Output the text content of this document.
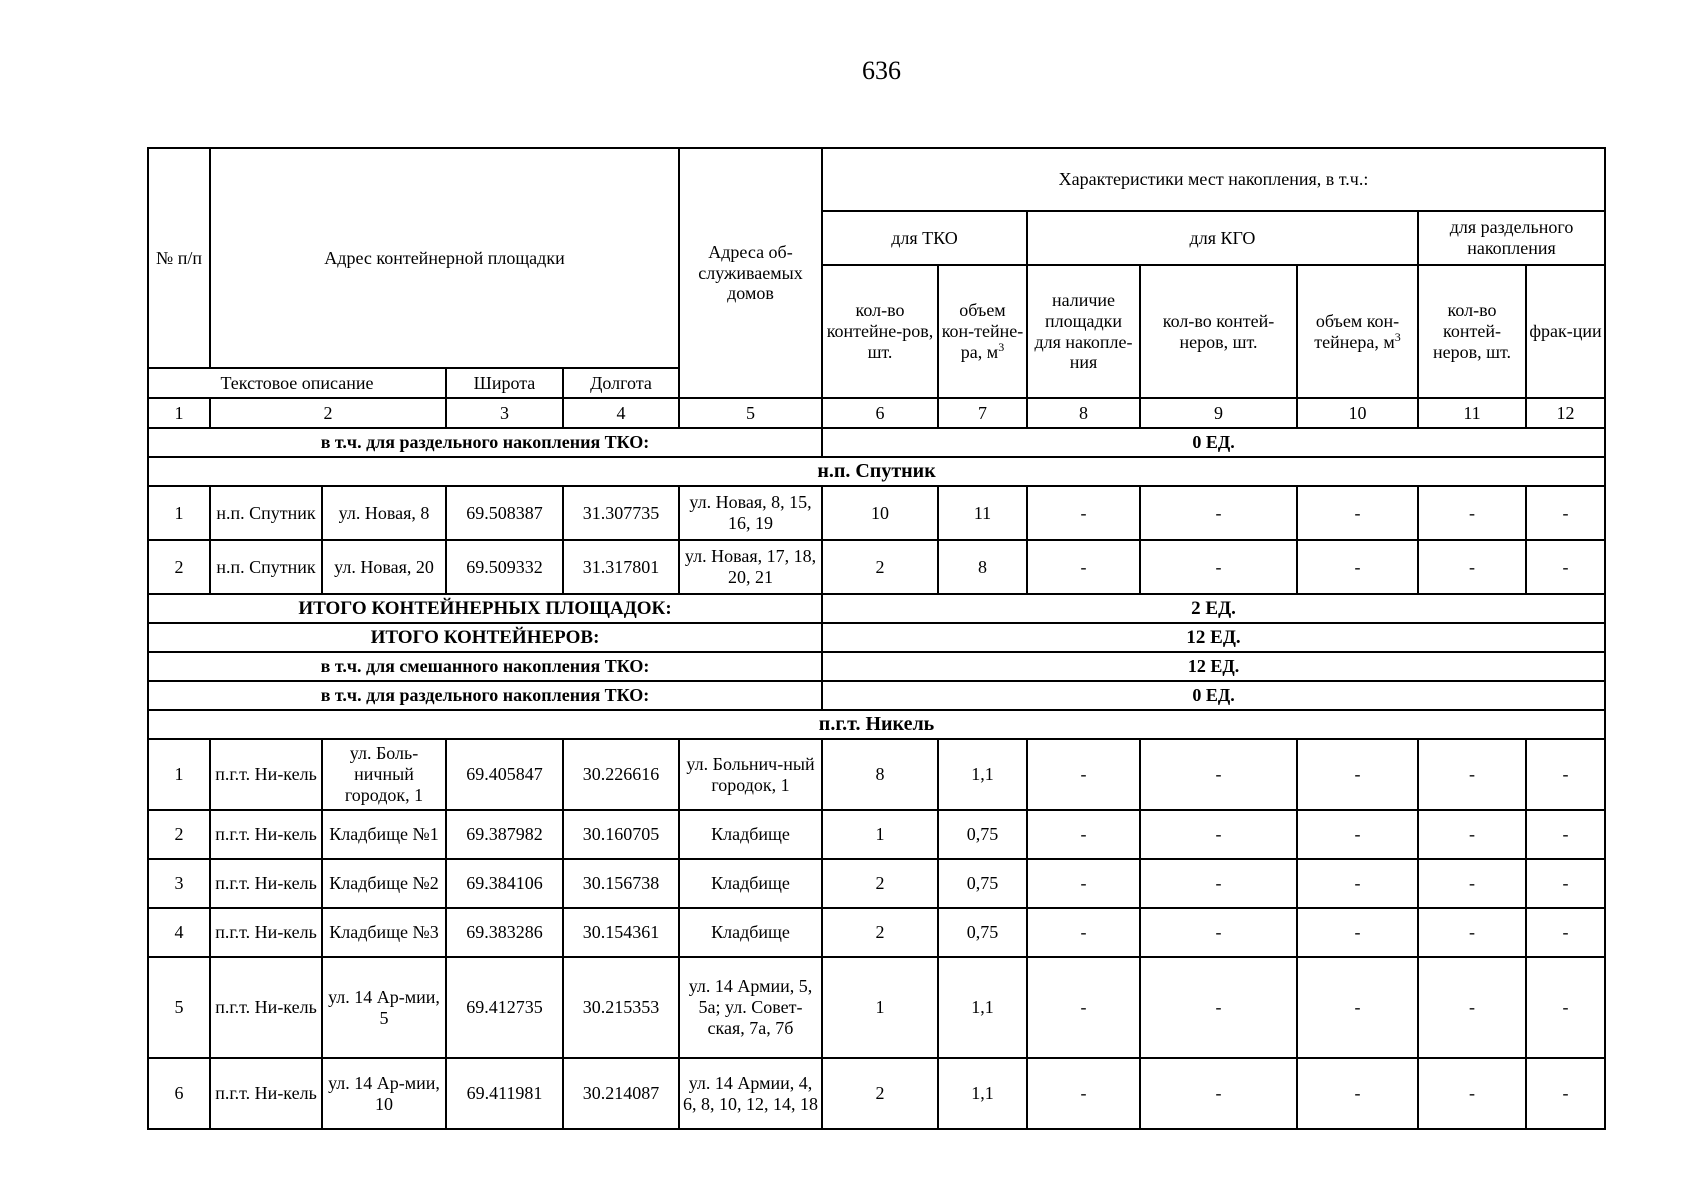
636
№ п/п	Адрес контейнерной площадки				Адреса об-служиваемых домов	Характеристики мест накопления, в т.ч.:						
						для ТКО		для КГО			для раздельного накопления	
						кол-во контейне-ров, шт.	объем кон-тейне-ра, $м^3$	наличие площадки для накопле-ния	кол-во контей-неров, шт.	объем кон-тейнера, $м^3$	кол-во контей-неров, шт.	фрак-ции
Текстовое описание			Широта	Долгота								
1	2		3	4	5	6	7	8	9	10	11	12
в т.ч. для раздельного накопления ТКО:						0 ЕД.						
н.п. Спутник												
1	н.п. Спутник	ул. Новая, 8	69.508387	31.307735	ул. Новая, 8, 15, 16, 19	10	11	-	-	-	-	-
2	н.п. Спутник	ул. Новая, 20	69.509332	31.317801	ул. Новая, 17, 18, 20, 21	2	8	-	-	-	-	-
ИТОГО КОНТЕЙНЕРНЫХ ПЛОЩАДОК:						2 ЕД.						
ИТОГО КОНТЕЙНЕРОВ:						12 ЕД.						
в т.ч. для смешанного накопления ТКО:						12 ЕД.						
в т.ч. для раздельного накопления ТКО:						0 ЕД.						
п.г.т. Никель												
1	п.г.т. Ни-кель	ул. Боль-ничный городок, 1	69.405847	30.226616	ул. Больнич-ный городок, 1	8	1,1	-	-	-	-	-
2	п.г.т. Ни-кель	Кладбище №1	69.387982	30.160705	Кладбище	1	0,75	-	-	-	-	-
3	п.г.т. Ни-кель	Кладбище №2	69.384106	30.156738	Кладбище	2	0,75	-	-	-	-	-
4	п.г.т. Ни-кель	Кладбище №3	69.383286	30.154361	Кладбище	2	0,75	-	-	-	-	-
5	п.г.т. Ни-кель	ул. 14 Ар-мии, 5	69.412735	30.215353	ул. 14 Армии, 5, 5а; ул. Совет-ская, 7а, 7б	1	1,1	-	-	-	-	-
6	п.г.т. Ни-кель	ул. 14 Ар-мии, 10	69.411981	30.214087	ул. 14 Армии, 4, 6, 8, 10, 12, 14, 18	2	1,1	-	-	-	-	-
